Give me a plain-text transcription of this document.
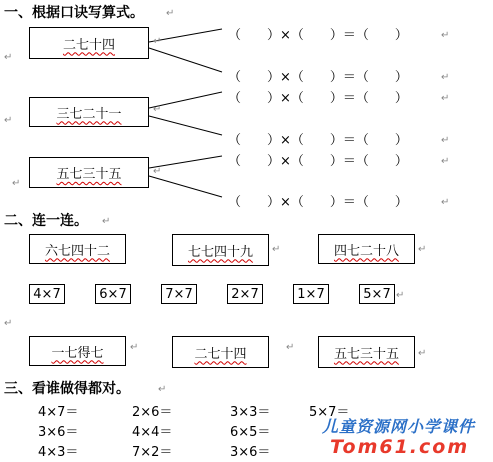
一、根据口诀写算式。
二七十四
三七二十一
五七三十五
（　　）×（　　）＝（　　）
（　　）×（　　）＝（　　）
（　　）×（　　）＝（　　）
（　　）×（　　）＝（　　）
（　　）×（　　）＝（　　）
（　　）×（　　）＝（　　）
↵
↵
↵
↵
↵
↵
↵
↵
↵
↵
↵
↵
↵
二、连一连。 ↵
六七四十二	七七四十九	四七二十八
↵	↵
4×7	6×7	7×7	2×7	1×7	5×7 ↵
↵
一七得七	二七十四	五七三十五
↵	↵
↵
三、看谁做得都对。	↵
4×7＝	2×6＝	3×3＝	5×7＝
3×6＝	4×4＝	6×5＝
4×3＝	7×2＝	3×6＝
儿童资源网小学课件
Tom61.com
